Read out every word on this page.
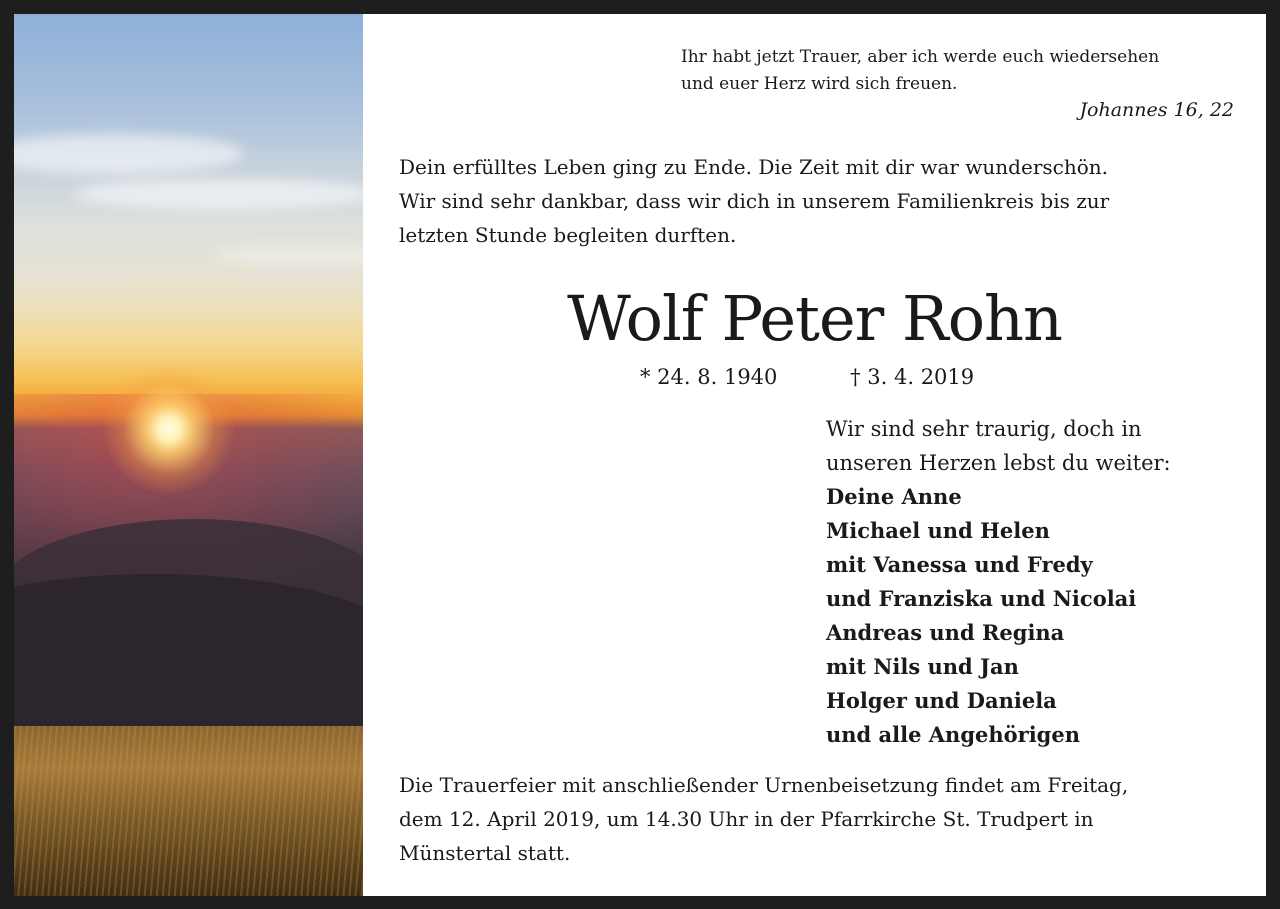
Ihr habt jetzt Trauer, aber ich werde euch wiedersehen
und euer Herz wird sich freuen.
Johannes 16, 22
Dein erfülltes Leben ging zu Ende. Die Zeit mit dir war wunderschön.
Wir sind sehr dankbar, dass wir dich in unserem Familienkreis bis zur
letzten Stunde begleiten durften.
Wolf Peter Rohn
* 24. 8. 1940	† 3. 4. 2019
Wir sind sehr traurig, doch in
unseren Herzen lebst du weiter:
Deine Anne
Michael und Helen
mit Vanessa und Fredy
und Franziska und Nicolai
Andreas und Regina
mit Nils und Jan
Holger und Daniela
und alle Angehörigen
Die Trauerfeier mit anschließender Urnenbeisetzung findet am Freitag,
dem 12. April 2019, um 14.30 Uhr in der Pfarrkirche St. Trudpert in
Münstertal statt.
